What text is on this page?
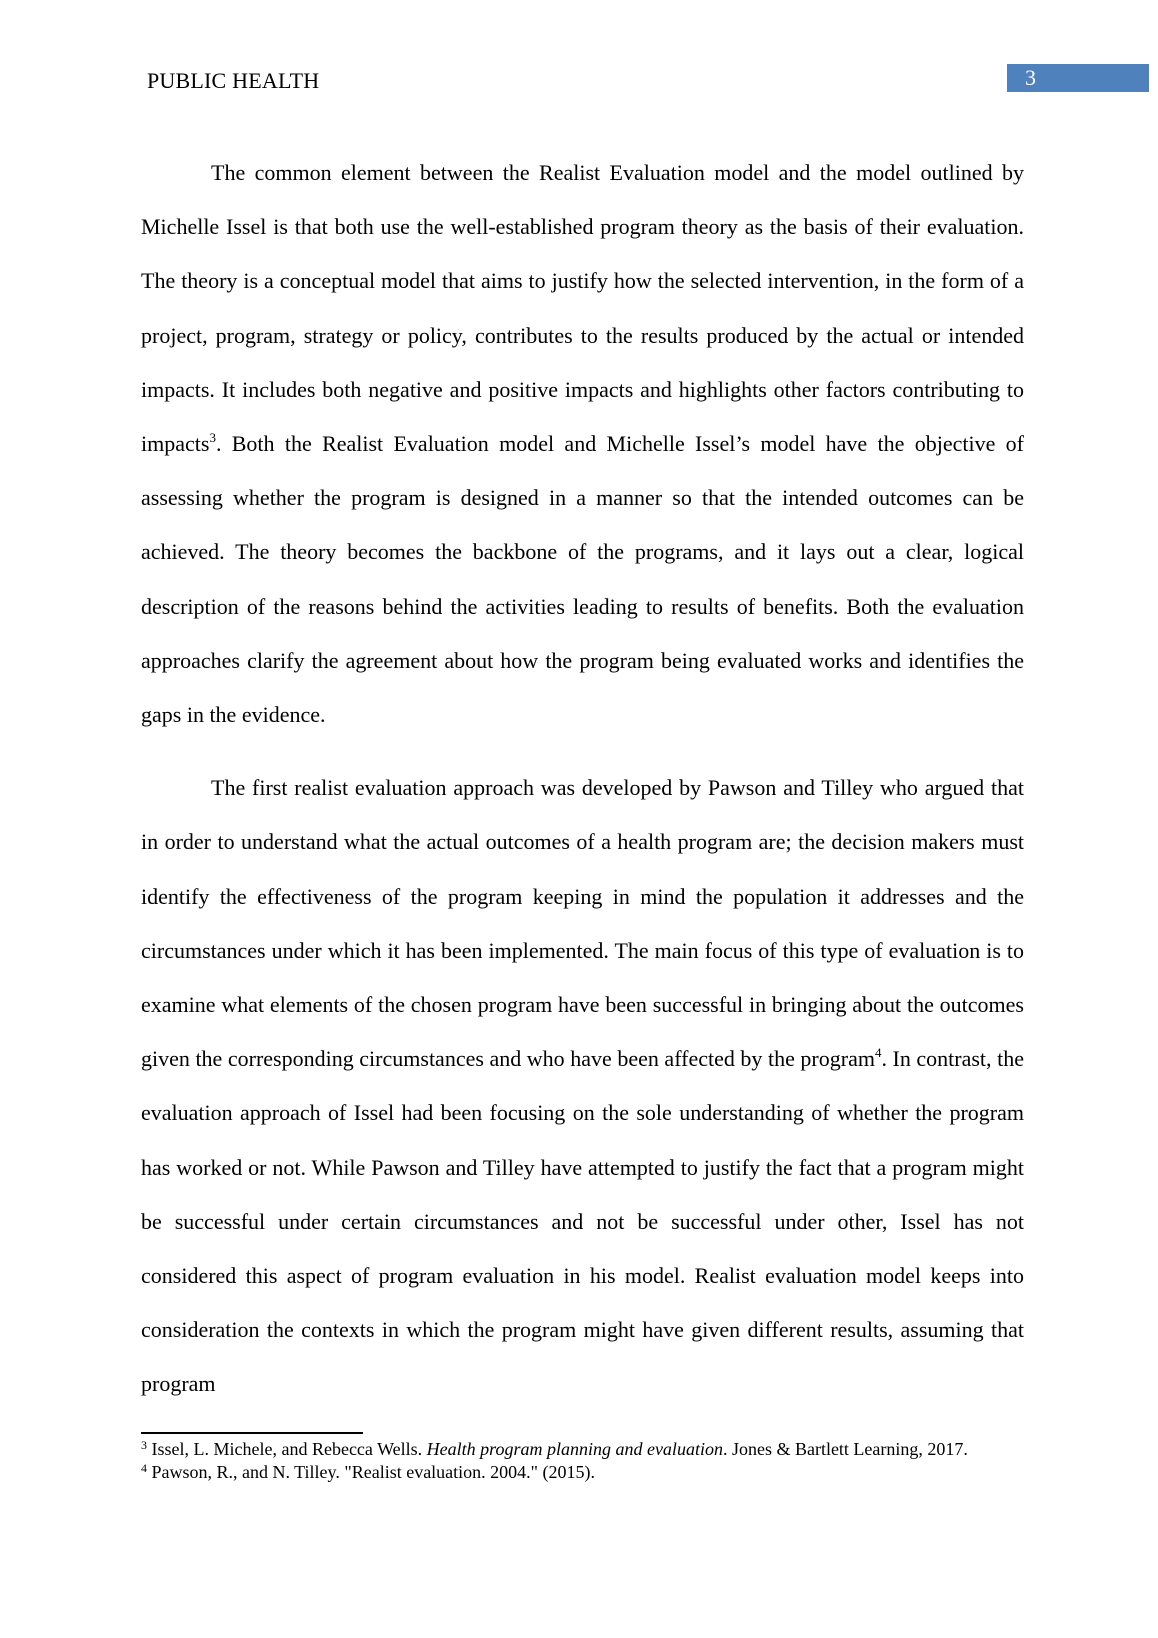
PUBLIC HEALTH	3

The common element between the Realist Evaluation model and the model outlined by Michelle Issel is that both use the well-established program theory as the basis of their evaluation. The theory is a conceptual model that aims to justify how the selected intervention, in the form of a project, program, strategy or policy, contributes to the results produced by the actual or intended impacts. It includes both negative and positive impacts and highlights other factors contributing to impacts$^3$. Both the Realist Evaluation model and Michelle Issel’s model have the objective of assessing whether the program is designed in a manner so that the intended outcomes can be achieved. The theory becomes the backbone of the programs, and it lays out a clear, logical description of the reasons behind the activities leading to results of benefits. Both the evaluation approaches clarify the agreement about how the program being evaluated works and identifies the gaps in the evidence.

The first realist evaluation approach was developed by Pawson and Tilley who argued that in order to understand what the actual outcomes of a health program are; the decision makers must identify the effectiveness of the program keeping in mind the population it addresses and the circumstances under which it has been implemented. The main focus of this type of evaluation is to examine what elements of the chosen program have been successful in bringing about the outcomes given the corresponding circumstances and who have been affected by the program$^4$. In contrast, the evaluation approach of Issel had been focusing on the sole understanding of whether the program has worked or not. While Pawson and Tilley have attempted to justify the fact that a program might be successful under certain circumstances and not be successful under other, Issel has not considered this aspect of program evaluation in his model. Realist evaluation model keeps into consideration the contexts in which the program might have given different results, assuming that program

$^3$ Issel, L. Michele, and Rebecca Wells. Health program planning and evaluation. Jones & Bartlett Learning, 2017.

$^4$ Pawson, R., and N. Tilley. "Realist evaluation. 2004." (2015).
